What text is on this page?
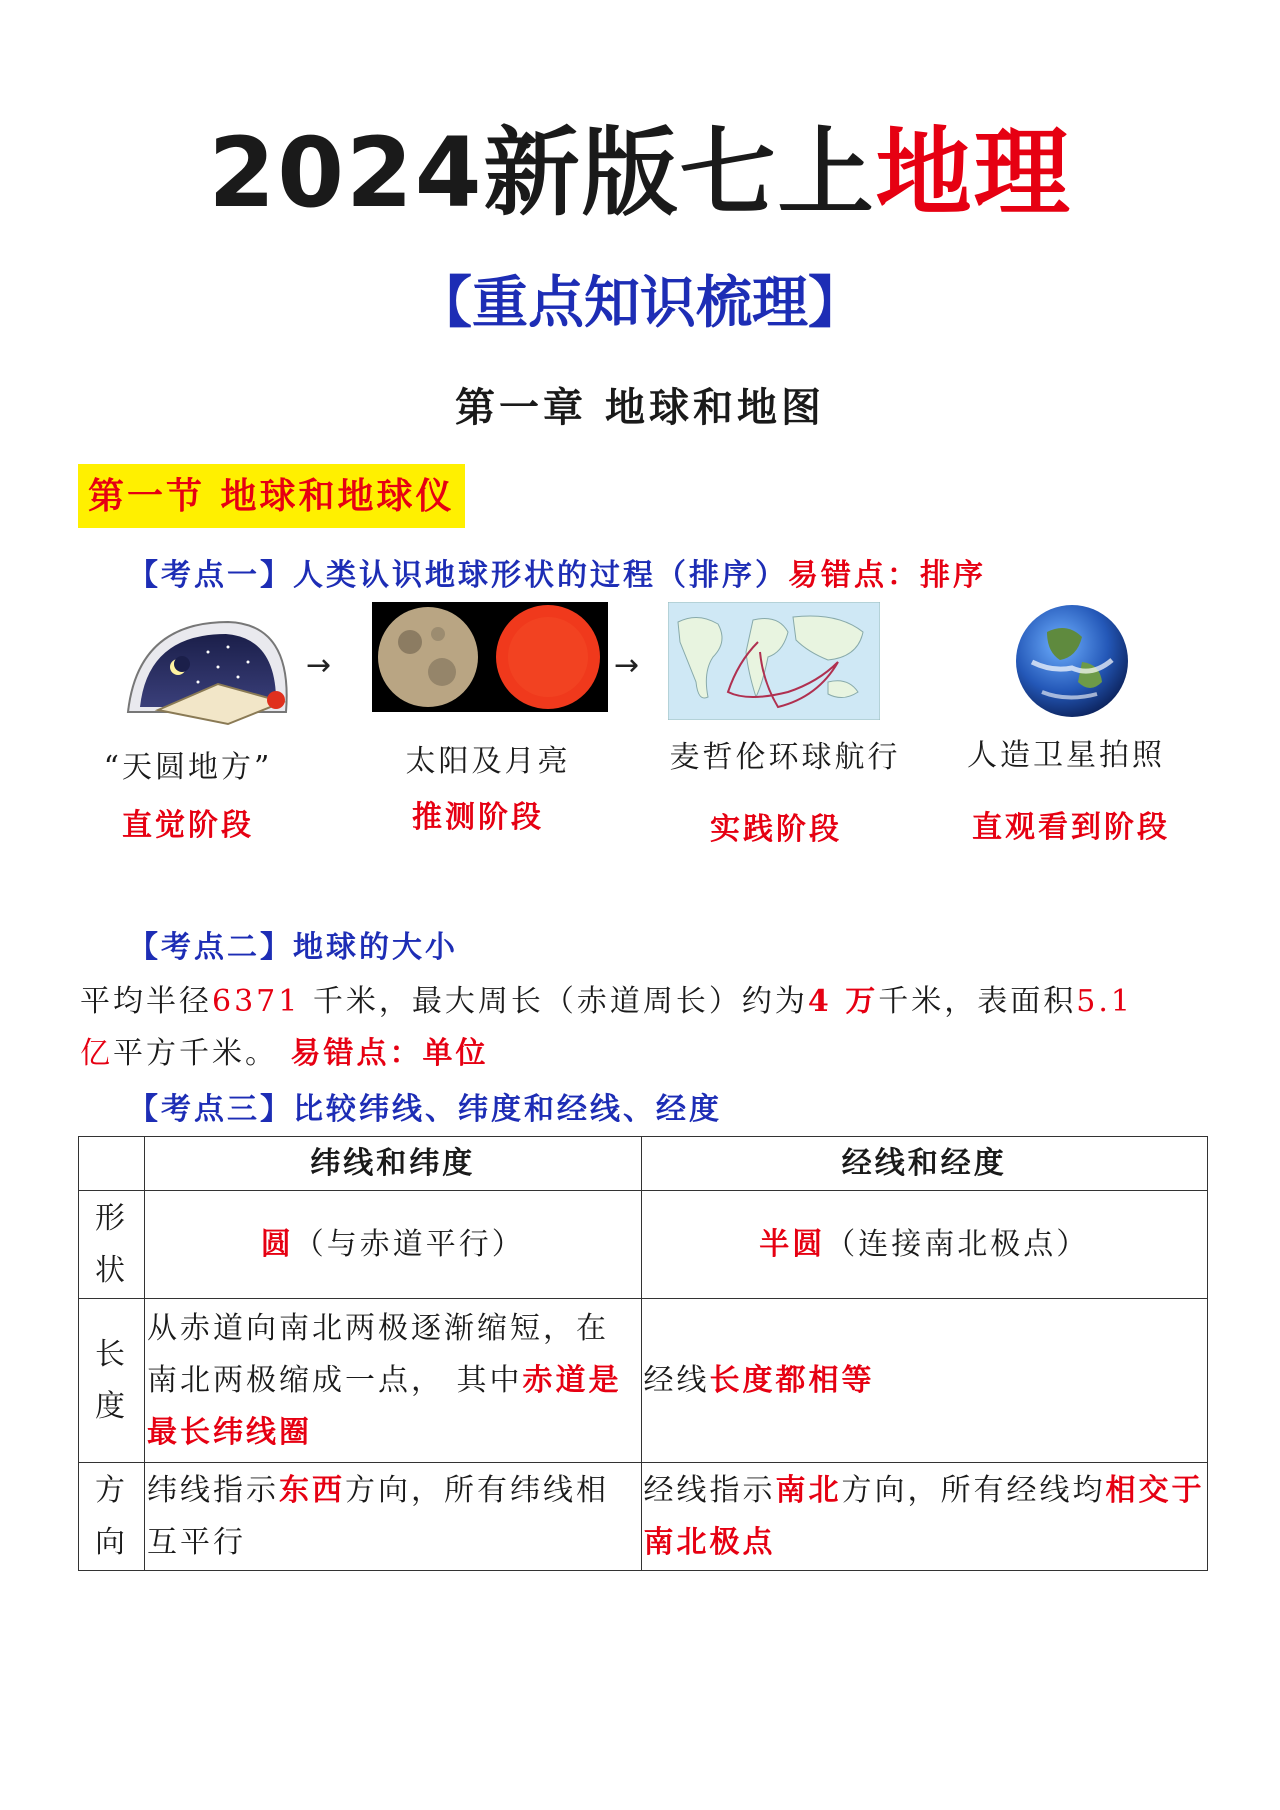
2024新版七上地理
【重点知识梳理】
第一章 地球和地图
第一节 地球和地球仪
【考点一】人类认识地球形状的过程（排序）易错点：排序
→	→
“天圆地方”	太阳及月亮	麦哲伦环球航行	人造卫星拍照
直觉阶段	推测阶段	实践阶段	直观看到阶段
【考点二】地球的大小
平均半径6371 千米，最大周长（赤道周长）约为4 万千米，表面积5.1
亿平方千米。 易错点：单位
【考点三】比较纬线、纬度和经线、经度
	纬线和纬度	经线和经度
形状	圆（与赤道平行）	半圆（连接南北极点）
长度	从赤道向南北两极逐渐缩短，在南北两极缩成一点， 其中赤道是最长纬线圈	经线长度都相等
方向	纬线指示东西方向，所有纬线相互平行	经线指示南北方向，所有经线均相交于南北极点
